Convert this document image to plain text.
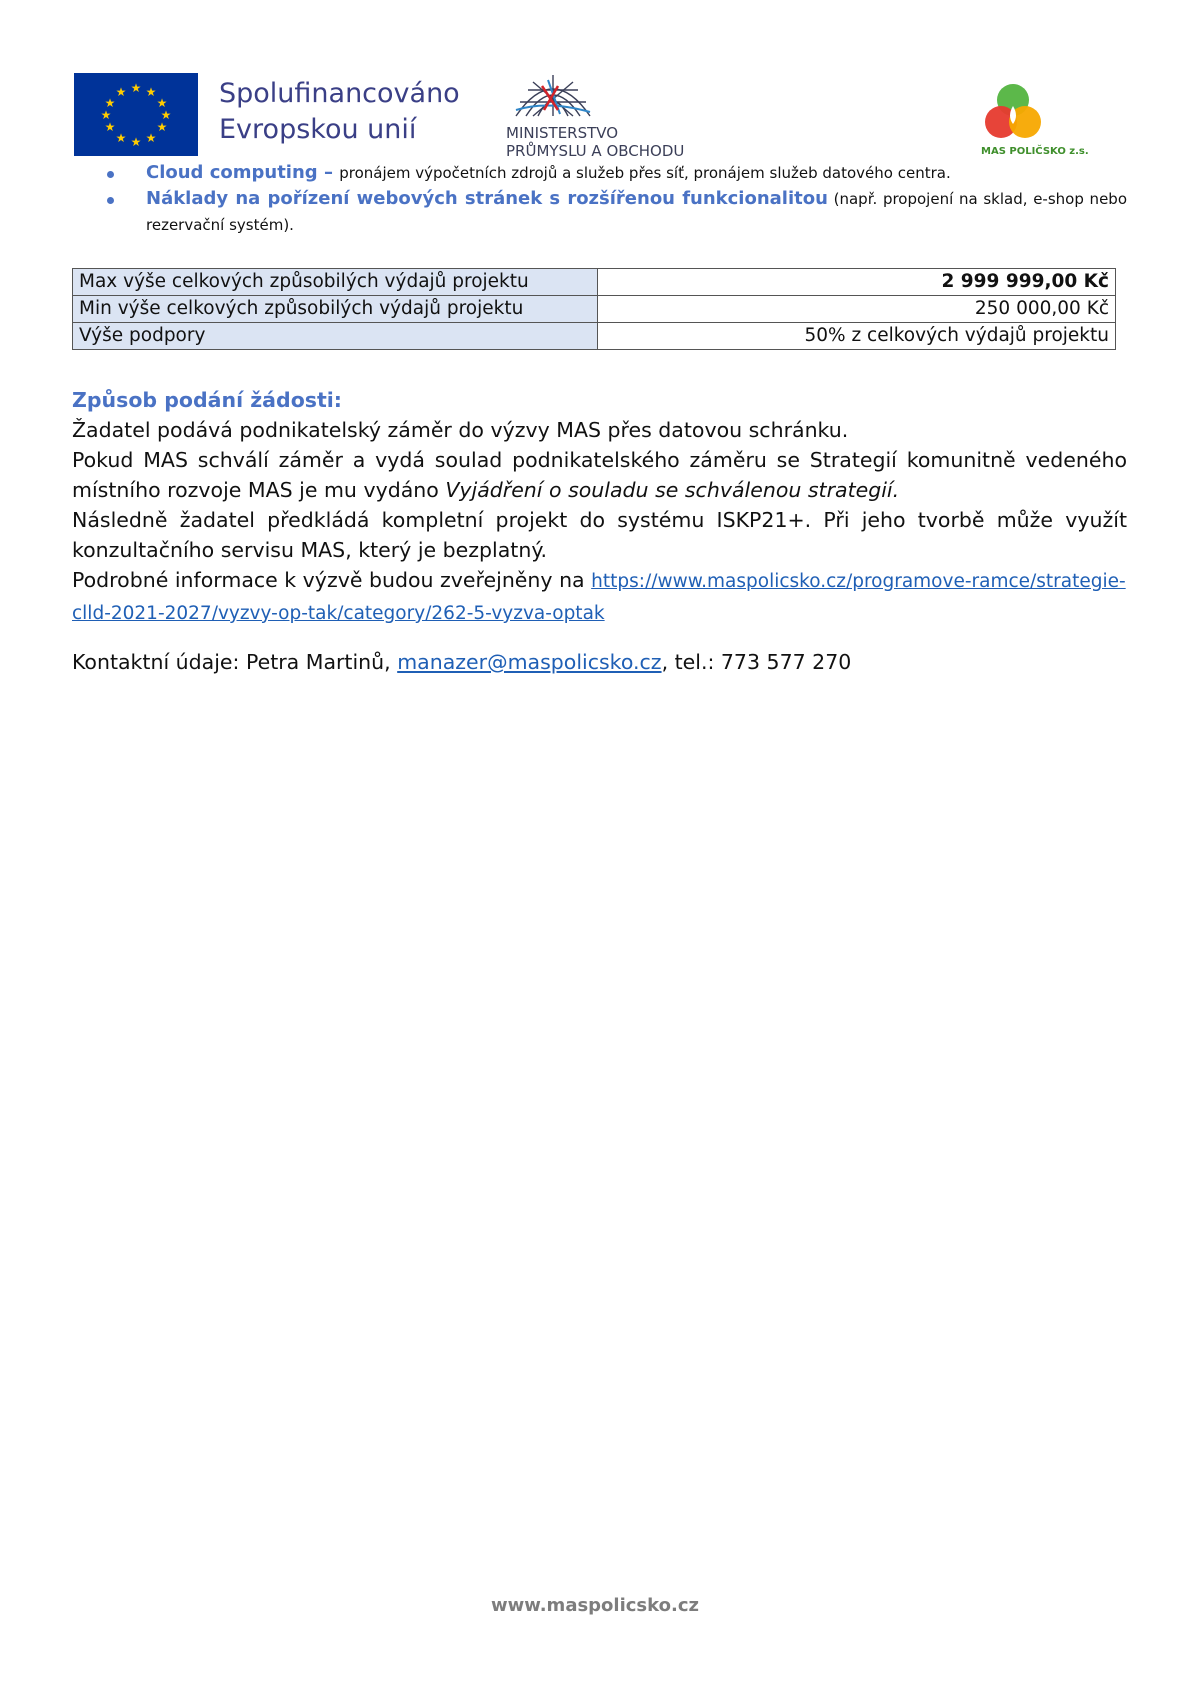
★ ★
★
★
★
★
★
★
★
★
★
★	Spolufinancováno
Evropskou unií	MINISTERSTVO
PRŮMYSLU A OBCHODU	MAS POLIČSKO z.s.
Cloud computing – pronájem výpočetních zdrojů a služeb přes síť, pronájem služeb datového centra.
Náklady na pořízení webových stránek s rozšířenou funkcionalitou (např. propojení na sklad, e-shop nebo rezervační systém).
Max výše celkových způsobilých výdajů projektu	2 999 999,00 Kč
Min výše celkových způsobilých výdajů projektu	250 000,00 Kč
Výše podpory	50% z celkových výdajů projektu
Způsob podání žádosti:

Žadatel podává podnikatelský záměr do výzvy MAS přes datovou schránku.

Pokud MAS schválí záměr a vydá soulad podnikatelského záměru se Strategií komunitně vedeného místního rozvoje MAS je mu vydáno Vyjádření o souladu se schválenou strategií.

Následně žadatel předkládá kompletní projekt do systému ISKP21+. Při jeho tvorbě může využít konzultačního servisu MAS, který je bezplatný.

Podrobné informace k výzvě budou zveřejněny na https://www.maspolicsko.cz/programove-ramce/strategie-clld-2021-2027/vyzvy-op-tak/category/262-5-vyzva-optak

Kontaktní údaje: Petra Martinů, manazer@maspolicsko.cz, tel.: 773 577 270
www.maspolicsko.cz
